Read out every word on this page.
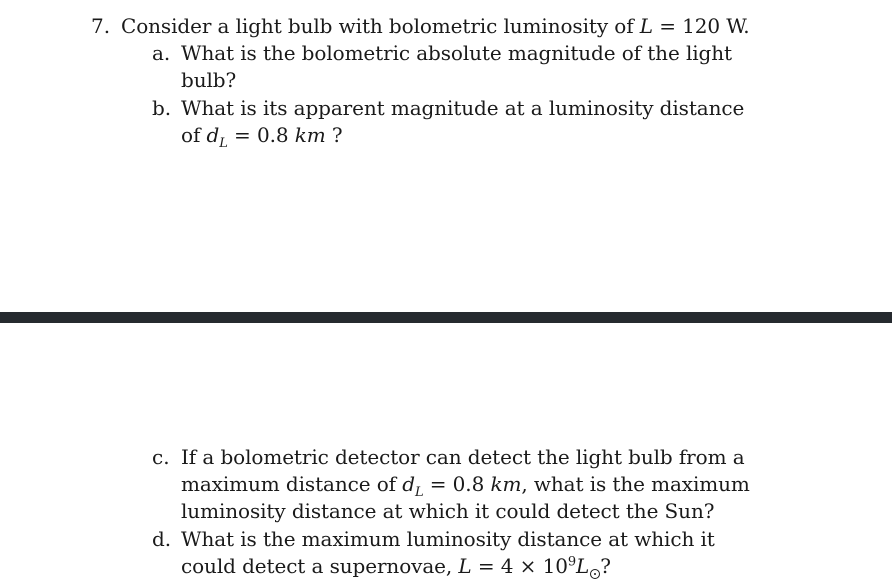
7. Consider a light bulb with bolometric luminosity of L = 120 W.
a. What is the bolometric absolute magnitude of the light
bulb?
b. What is its apparent magnitude at a luminosity distance
of $d_L = 0.8$ km ?
c. If a bolometric detector can detect the light bulb from a
maximum distance of $d_L = 0.8$ km, what is the maximum
luminosity distance at which it could detect the Sun?
d. What is the maximum luminosity distance at which it
could detect a supernovae, $L = 4 \times 10^9L$ ?
